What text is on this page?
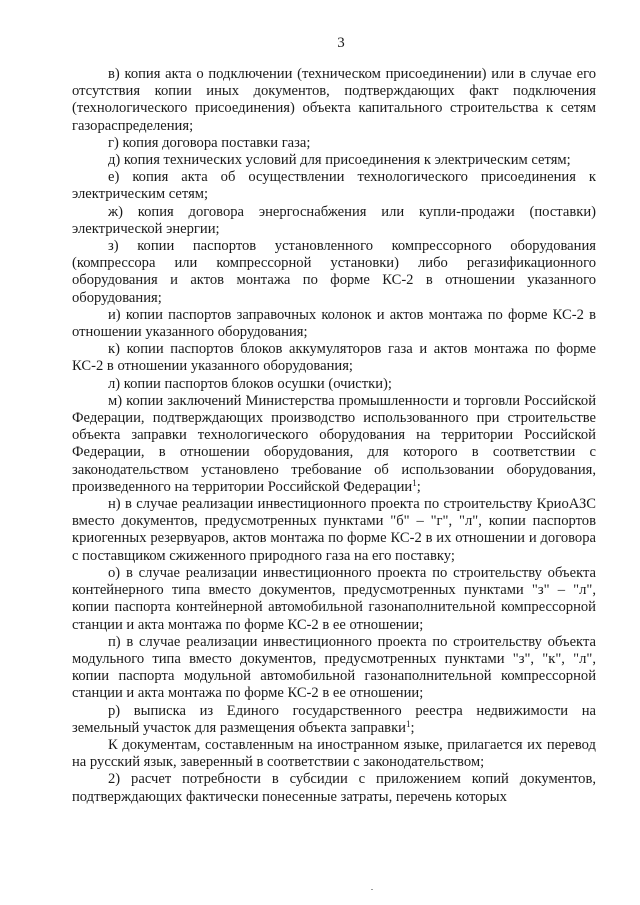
3

в) копия акта о подключении (техническом присоединении) или в случае его отсутствия копии иных документов, подтверждающих факт подключения (технологического присоединения) объекта капитального строительства к сетям газораспределения;

г) копия договора поставки газа;

д) копия технических условий для присоединения к электрическим сетям;

е) копия акта об осуществлении технологического присоединения к электрическим сетям;

ж) копия договора энергоснабжения или купли-продажи (поставки) электрической энергии;

з) копии паспортов установленного компрессорного оборудования (компрессора или компрессорной установки) либо регазификационного оборудования и актов монтажа по форме КС-2 в отношении указанного оборудования;

и) копии паспортов заправочных колонок и актов монтажа по форме КС-2 в отношении указанного оборудования;

к) копии паспортов блоков аккумуляторов газа и актов монтажа по форме КС-2 в отношении указанного оборудования;

л) копии паспортов блоков осушки (очистки);

м) копии заключений Министерства промышленности и торговли Российской Федерации, подтверждающих производство использованного при строительстве объекта заправки технологического оборудования на территории Российской Федерации, в отношении оборудования, для которого в соответствии с законодательством установлено требование об использовании оборудования, произведенного на территории Российской Федерации$^1$;

н) в случае реализации инвестиционного проекта по строительству КриоАЗС вместо документов, предусмотренных пунктами "б" – "г", "л", копии паспортов криогенных резервуаров, актов монтажа по форме КС-2 в их отношении и договора с поставщиком сжиженного природного газа на его поставку;

о) в случае реализации инвестиционного проекта по строительству объекта контейнерного типа вместо документов, предусмотренных пунктами "з" – "л", копии паспорта контейнерной автомобильной газонаполнительной компрессорной станции и акта монтажа по форме КС-2 в ее отношении;

п) в случае реализации инвестиционного проекта по строительству объекта модульного типа вместо документов, предусмотренных пунктами "з", "к", "л", копии паспорта модульной автомобильной газонаполнительной компрессорной станции и акта монтажа по форме КС-2 в ее отношении;

р) выписка из Единого государственного реестра недвижимости на земельный участок для размещения объекта заправки$^1$;

К документам, составленным на иностранном языке, прилагается их перевод на русский язык, заверенный в соответствии с законодательством;

2) расчет потребности в субсидии с приложением копий документов, подтверждающих фактически понесенные затраты, перечень которых
